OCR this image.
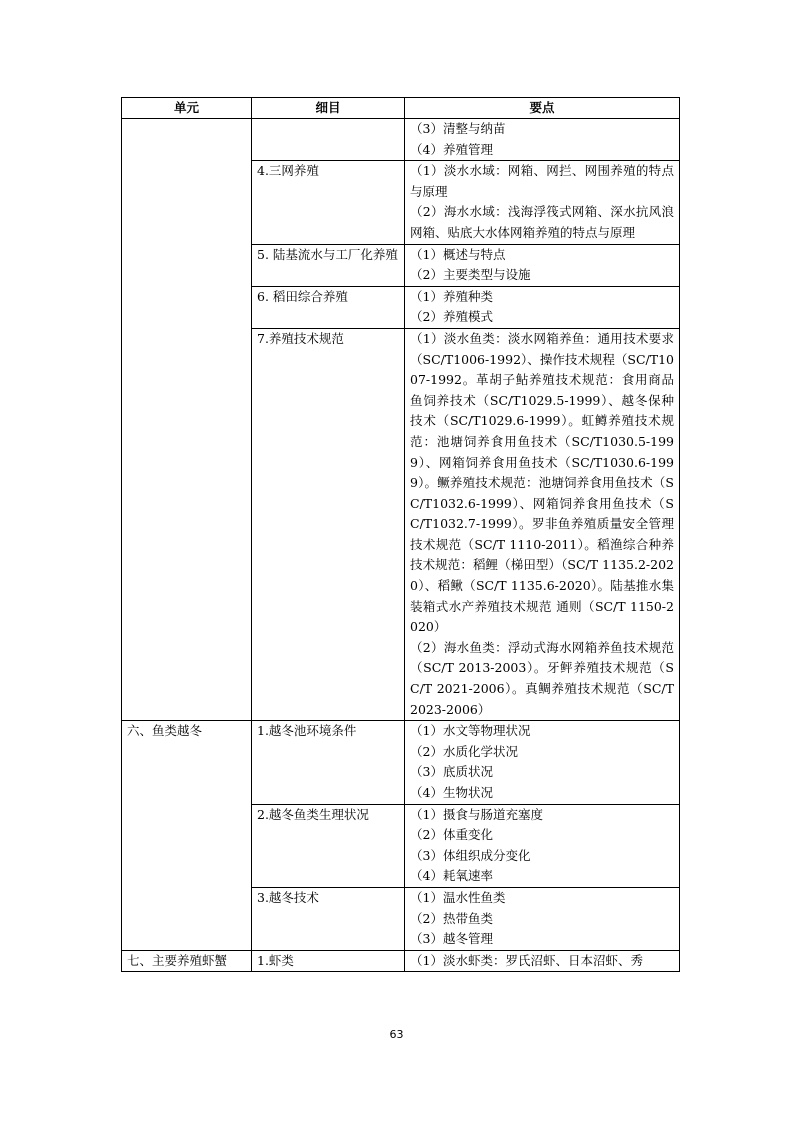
单元	细目	要点

		（3）清整与纳苗
（4）养殖管理

	4.三网养殖	（1）淡水水域：网箱、网拦、网围养殖的特点与原理
（2）海水水域：浅海浮筏式网箱、深水抗风浪网箱、贴底大水体网箱养殖的特点与原理

	5. 陆基流水与工厂化养殖	（1）概述与特点
（2）主要类型与设施

	6. 稻田综合养殖	（1）养殖种类
（2）养殖模式

	7.养殖技术规范	（1）淡水鱼类：淡水网箱养鱼：通用技术要求（SC/T1006-1992）、操作技术规程（SC/T1007-1992。革胡子鲇养殖技术规范：食用商品鱼饲养技术（SC/T1029.5-1999）、越冬保种技术（SC/T1029.6-1999）。虹鳟养殖技术规范：池塘饲养食用鱼技术（SC/T1030.5-1999）、网箱饲养食用鱼技术（SC/T1030.6-1999）。鳜养殖技术规范：池塘饲养食用鱼技术（SC/T1032.6-1999）、网箱饲养食用鱼技术（SC/T1032.7-1999）。罗非鱼养殖质量安全管理技术规范（SC/T 1110-2011）。稻渔综合种养技术规范：稻鲤（梯田型）（SC/T 1135.2-2020）、稻鳅（SC/T 1135.6-2020）。陆基推水集装箱式水产养殖技术规范 通则（SC/T 1150-2020）
（2）海水鱼类：浮动式海水网箱养鱼技术规范（SC/T 2013-2003）。牙鲆养殖技术规范（SC/T 2021-2006）。真鲷养殖技术规范（SC/T 2023-2006）

六、鱼类越冬	1.越冬池环境条件	（1）水文等物理状况
（2）水质化学状况
（3）底质状况
（4）生物状况

	2.越冬鱼类生理状况	（1）摄食与肠道充塞度
（2）体重变化
（3）体组织成分变化
（4）耗氧速率

	3.越冬技术	（1）温水性鱼类
（2）热带鱼类
（3）越冬管理

七、主要养殖虾蟹	1.虾类	（1）淡水虾类：罗氏沼虾、日本沼虾、秀
63
